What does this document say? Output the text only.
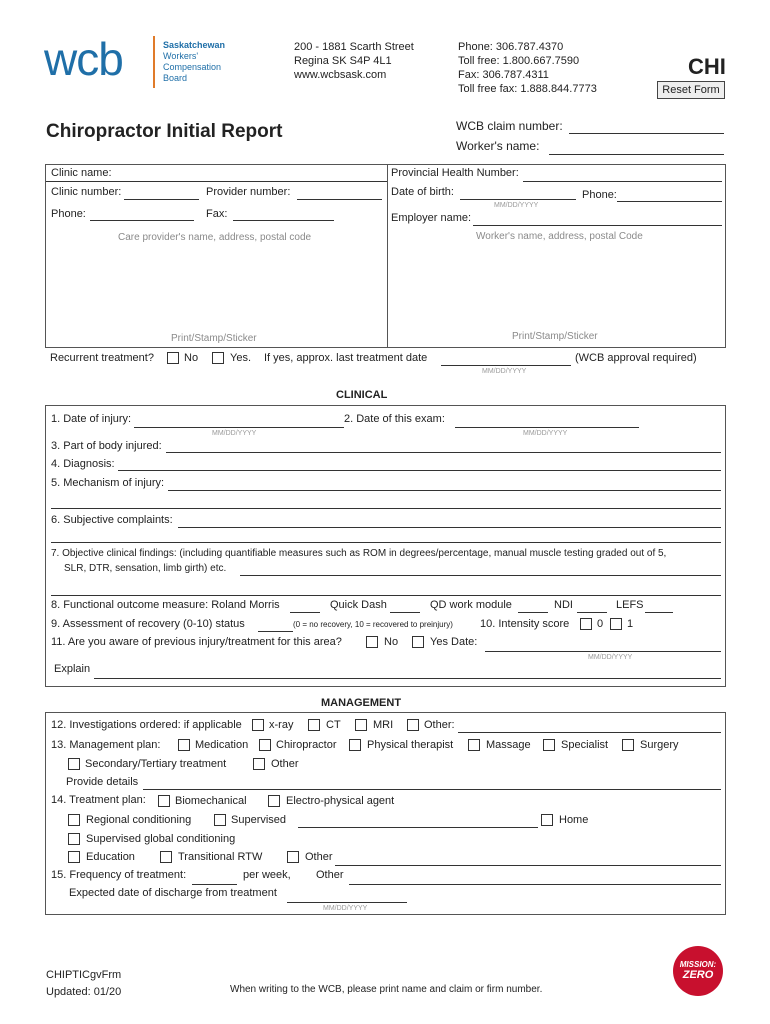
wcb	Saskatchewan
Workers'
Compensation
Board
200 - 1881 Scarth Street
Regina SK S4P 4L1
www.wcbsask.com
Phone: 306.787.4370
Toll free: 1.800.667.7590
Fax: 306.787.4311
Toll free fax: 1.888.844.7773
CHI
Reset Form
Chiropractor Initial Report	WCB claim number:
Worker's name:
Clinic name:
Clinic number:	Provider number:
Phone:	Fax:
Care provider's name, address, postal code
Print/Stamp/Sticker
Provincial Health Number:
Date of birth:
MM/DD/YYYY
Phone:
Employer name:
Worker's name, address, postal Code
Print/Stamp/Sticker
Recurrent treatment?	No	Yes. If yes, approx. last treatment date
MM/DD/YYYY
(WCB approval required)
CLINICAL
1. Date of injury:
MM/DD/YYYY
2. Date of this exam:
MM/DD/YYYY
3. Part of body injured:
4. Diagnosis:
5. Mechanism of injury:
6. Subjective complaints:
7. Objective clinical findings: (including quantifiable measures such as ROM in degrees/percentage, manual muscle testing graded out of 5,
SLR, DTR, sensation, limb girth) etc.
8. Functional outcome measure: Roland Morris	Quick Dash	QD work module	NDI	LEFS
9. Assessment of recovery (0-10) status	(0 = no recovery, 10 = recovered to preinjury) 10. Intensity score	0 1
11. Are you aware of previous injury/treatment for this area?	No	Yes Date:
MM/DD/YYYY
Explain
MANAGEMENT
12. Investigations ordered: if applicable x-ray	CT	MRI	Other:
13. Management plan:	Medication	Chiropractor	Physical therapist	Massage	Specialist	Surgery
Secondary/Tertiary treatment	Other
Provide details
14. Treatment plan:	Biomechanical	Electro-physical agent
Regional conditioning	Supervised	Home
Supervised global conditioning
Education	Transitional RTW	Other
15. Frequency of treatment:	per week, Other
Expected date of discharge from treatment
MM/DD/YYYY
CHIPTICgvFrm
Updated: 01/20	When writing to the WCB, please print name and claim or firm number.
MISSION:
ZERO
